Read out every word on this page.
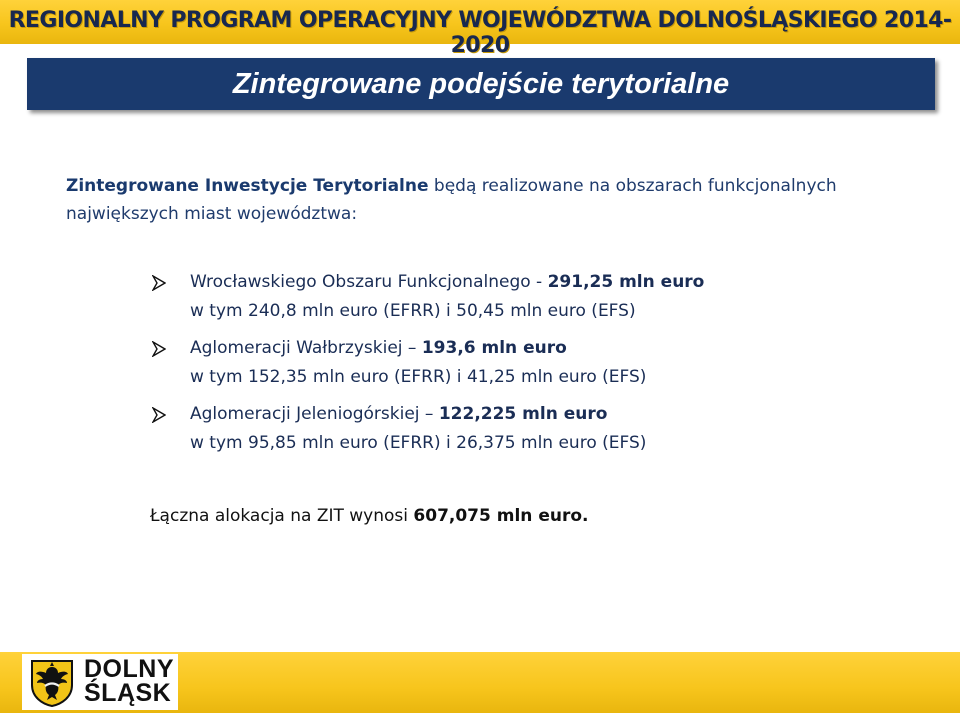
REGIONALNY PROGRAM OPERACYJNY WOJEWÓDZTWA DOLNOŚLĄSKIEGO 2014-2020
Zintegrowane podejście terytorialne
Zintegrowane Inwestycje Terytorialne będą realizowane na obszarach funkcjonalnych największych miast województwa:
Wrocławskiego Obszaru Funkcjonalnego - 291,25 mln euro
w tym 240,8 mln euro (EFRR) i 50,45 mln euro (EFS)
Aglomeracji Wałbrzyskiej – 193,6 mln euro
w tym 152,35 mln euro (EFRR) i 41,25 mln euro (EFS)
Aglomeracji Jeleniogórskiej – 122,225 mln euro
w tym 95,85 mln euro (EFRR) i 26,375 mln euro (EFS)
Łączna alokacja na ZIT wynosi 607,075 mln euro.
DOLNY
ŚLĄSK
